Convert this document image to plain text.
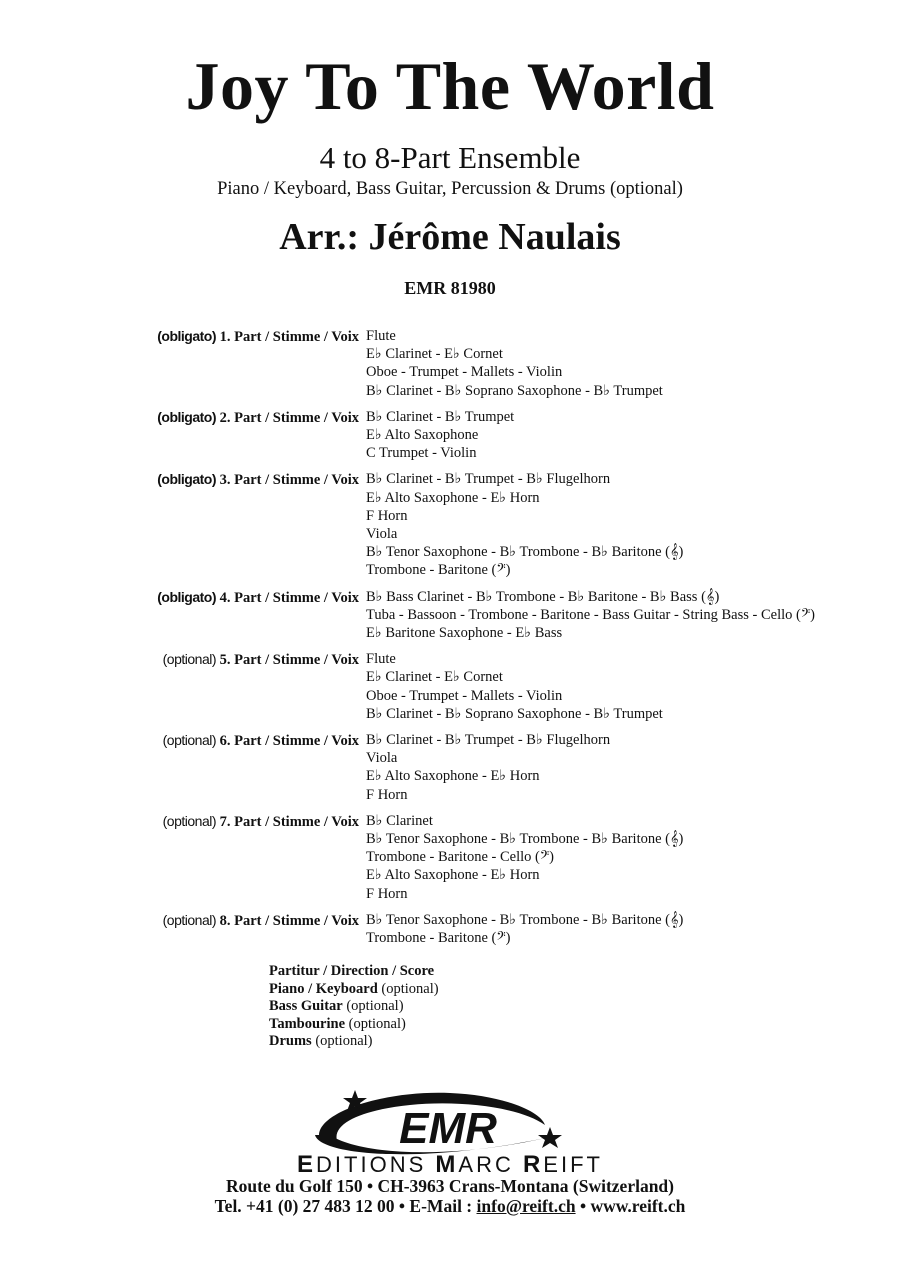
Joy To The World
4 to 8-Part Ensemble
Piano / Keyboard, Bass Guitar, Percussion & Drums (optional)
Arr.: Jérôme Naulais
EMR 81980
(obligato) 1. Part / Stimme / Voix Flute
E♭ Clarinet - E♭ Cornet
Oboe - Trumpet - Mallets - Violin
B♭ Clarinet - B♭ Soprano Saxophone - B♭ Trumpet
(obligato) 2. Part / Stimme / Voix B♭ Clarinet - B♭ Trumpet
E♭ Alto Saxophone
C Trumpet - Violin
(obligato) 3. Part / Stimme / Voix B♭ Clarinet - B♭ Trumpet - B♭ Flugelhorn
E♭ Alto Saxophone - E♭ Horn
F Horn
Viola
B♭ Tenor Saxophone - B♭ Trombone - B♭ Baritone (𝄞)
Trombone - Baritone (𝄢)
(obligato) 4. Part / Stimme / Voix B♭ Bass Clarinet - B♭ Trombone - B♭ Baritone - B♭ Bass (𝄞)
Tuba - Bassoon - Trombone - Baritone - Bass Guitar - String Bass - Cello (𝄢)
E♭ Baritone Saxophone - E♭ Bass
(optional) 5. Part / Stimme / Voix Flute
E♭ Clarinet - E♭ Cornet
Oboe - Trumpet - Mallets - Violin
B♭ Clarinet - B♭ Soprano Saxophone - B♭ Trumpet
(optional) 6. Part / Stimme / Voix B♭ Clarinet - B♭ Trumpet - B♭ Flugelhorn
Viola
E♭ Alto Saxophone - E♭ Horn
F Horn
(optional) 7. Part / Stimme / Voix B♭ Clarinet
B♭ Tenor Saxophone - B♭ Trombone - B♭ Baritone (𝄞)
Trombone - Baritone - Cello (𝄢)
E♭ Alto Saxophone - E♭ Horn
F Horn
(optional) 8. Part / Stimme / Voix B♭ Tenor Saxophone - B♭ Trombone - B♭ Baritone (𝄞)
Trombone - Baritone (𝄢)
Partitur / Direction / Score
Piano / Keyboard (optional)
Bass Guitar (optional)
Tambourine (optional)
Drums (optional)
EMR
EDITIONS MARC REIFT
Route du Golf 150 • CH-3963 Crans-Montana (Switzerland)
Tel. +41 (0) 27 483 12 00 • E-Mail : info@reift.ch • www.reift.ch
